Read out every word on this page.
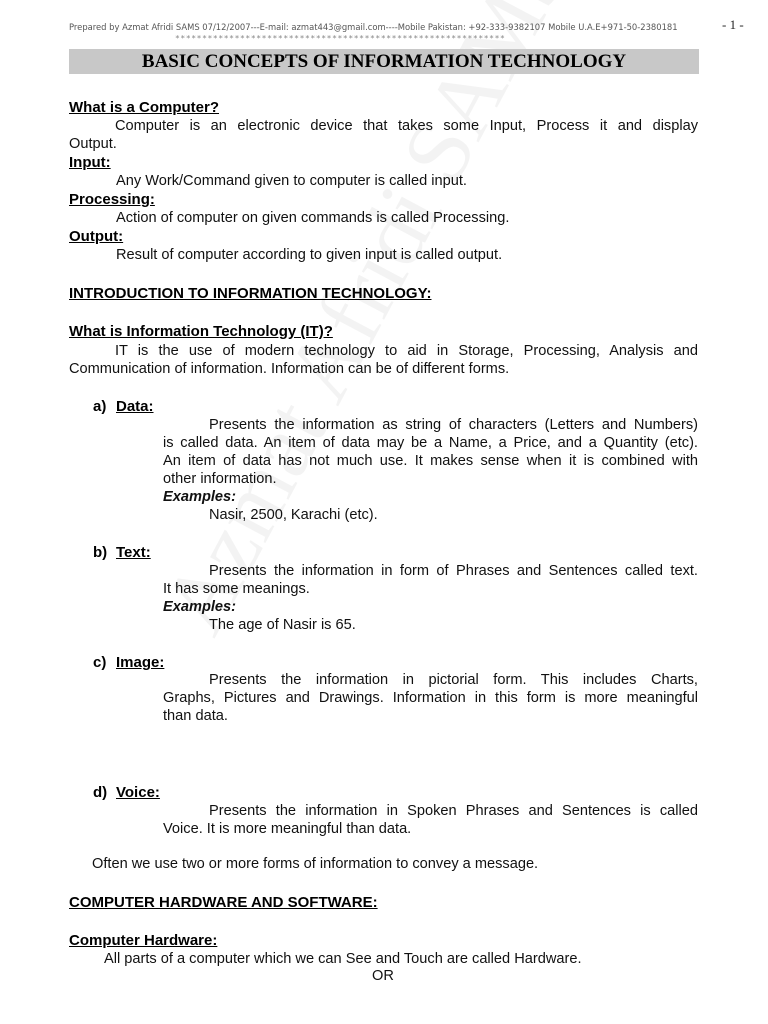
Prepared by Azmat Afridi SAMS 07/12/2007---E-mail: azmat443@gmail.com----Mobile Pakistan: +92-333-9382107 Mobile U.A.E+971-50-2380181	- 1 -
*************************************************************
BASIC CONCEPTS OF INFORMATION TECHNOLOGY
What is a Computer?
Computer is an electronic device that takes some Input, Process it and display
Output.
Input:
Any Work/Command given to computer is called input.
Processing:
Action of computer on given commands is called Processing.
Output:
Result of computer according to given input is called output.
INTRODUCTION TO INFORMATION TECHNOLOGY:
What is Information Technology (IT)?
IT is the use of modern technology to aid in Storage, Processing, Analysis and
Communication of information. Information can be of different forms.
a) Data:
Presents the information as string of characters (Letters and Numbers)
is called data. An item of data may be a Name, a Price, and a Quantity (etc).
An item of data has not much use. It makes sense when it is combined with
other information.
Examples:
Nasir, 2500, Karachi (etc).
b) Text:
Presents the information in form of Phrases and Sentences called text.
It has some meanings.
Examples:
The age of Nasir is 65.
c) Image:
Presents the information in pictorial form. This includes Charts,
Graphs, Pictures and Drawings. Information in this form is more meaningful
than data.
d) Voice:
Presents the information in Spoken Phrases and Sentences is called
Voice. It is more meaningful than data.
Often we use two or more forms of information to convey a message.
COMPUTER HARDWARE AND SOFTWARE:
Computer Hardware:
All parts of a computer which we can See and Touch are called Hardware.
OR
